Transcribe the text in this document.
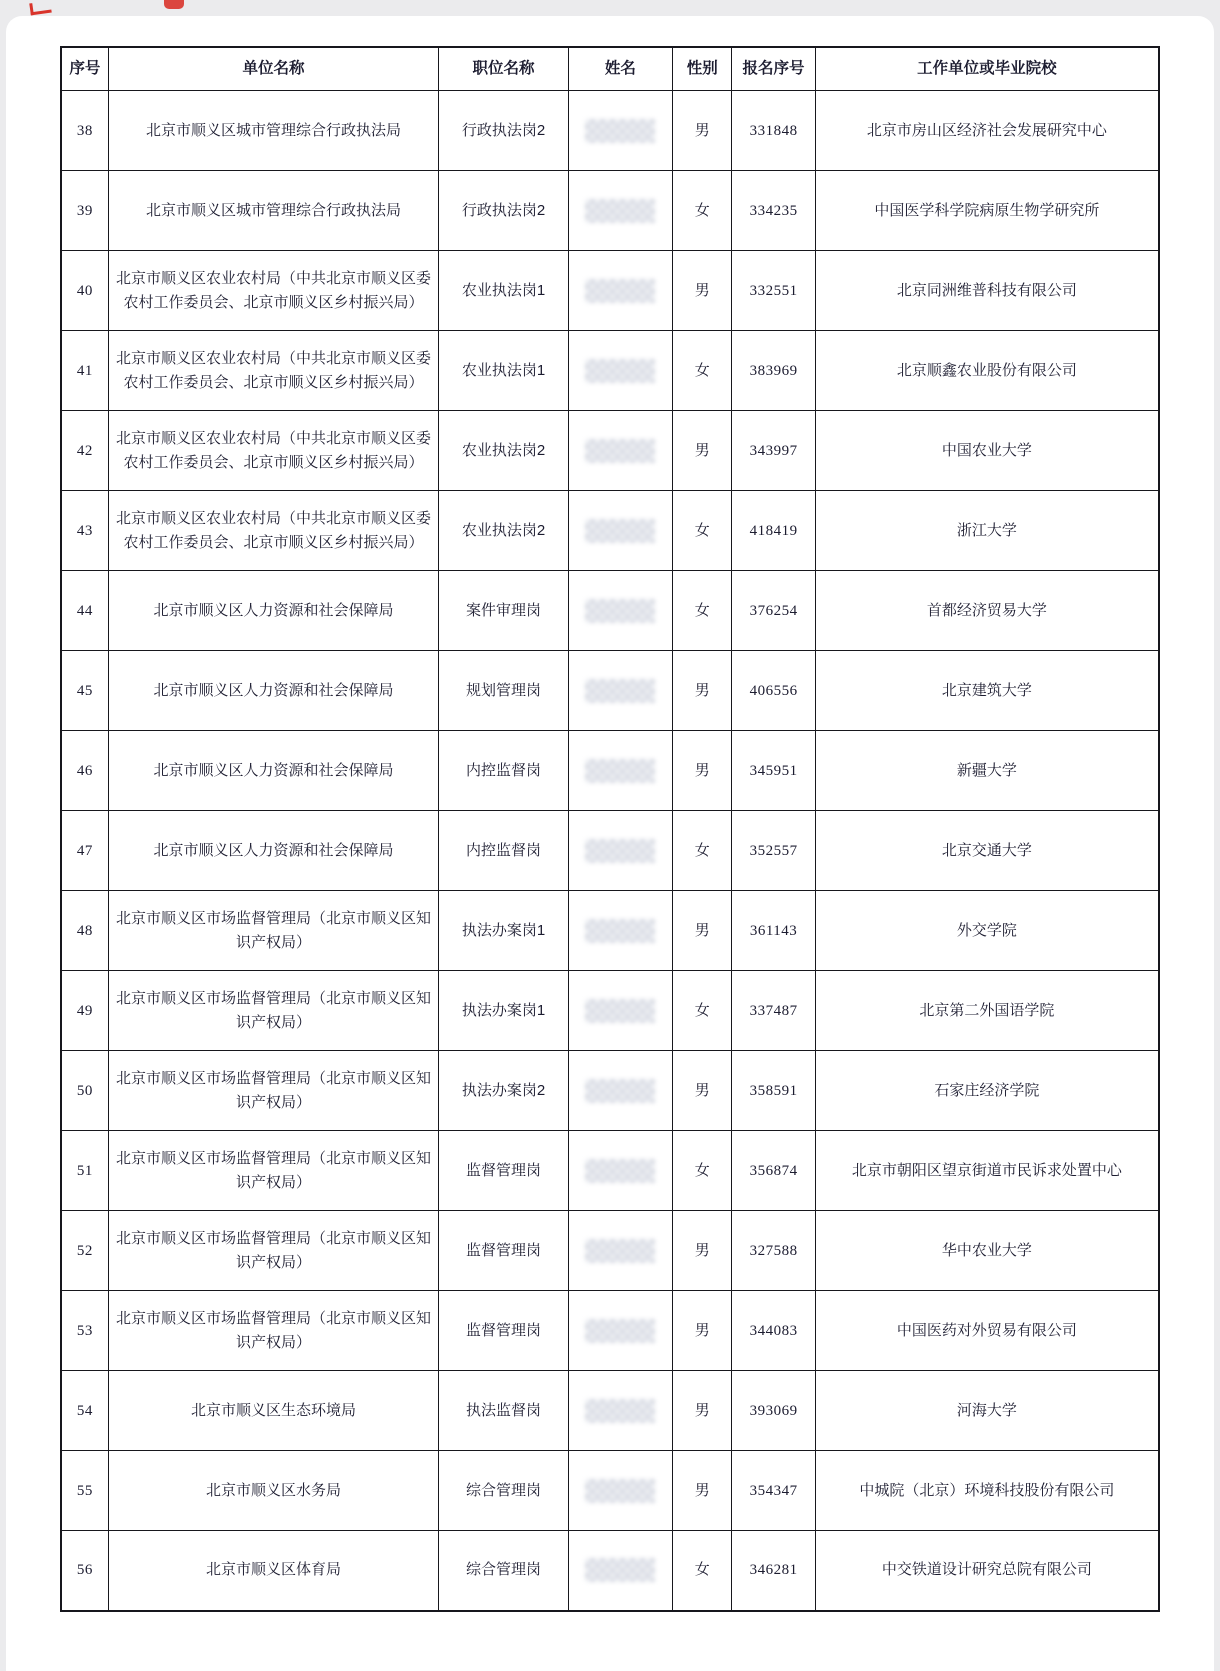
序号	单位名称	职位名称	姓名	性别	报名序号	工作单位或毕业院校
38	北京市顺义区城市管理综合行政执法局	行政执法岗2		男	331848	北京市房山区经济社会发展研究中心
39	北京市顺义区城市管理综合行政执法局	行政执法岗2		女	334235	中国医学科学院病原生物学研究所
40	北京市顺义区农业农村局（中共北京市顺义区委农村工作委员会、北京市顺义区乡村振兴局）	农业执法岗1		男	332551	北京同洲维普科技有限公司
41	北京市顺义区农业农村局（中共北京市顺义区委农村工作委员会、北京市顺义区乡村振兴局）	农业执法岗1		女	383969	北京顺鑫农业股份有限公司
42	北京市顺义区农业农村局（中共北京市顺义区委农村工作委员会、北京市顺义区乡村振兴局）	农业执法岗2		男	343997	中国农业大学
43	北京市顺义区农业农村局（中共北京市顺义区委农村工作委员会、北京市顺义区乡村振兴局）	农业执法岗2		女	418419	浙江大学
44	北京市顺义区人力资源和社会保障局	案件审理岗		女	376254	首都经济贸易大学
45	北京市顺义区人力资源和社会保障局	规划管理岗		男	406556	北京建筑大学
46	北京市顺义区人力资源和社会保障局	内控监督岗		男	345951	新疆大学
47	北京市顺义区人力资源和社会保障局	内控监督岗		女	352557	北京交通大学
48	北京市顺义区市场监督管理局（北京市顺义区知识产权局）	执法办案岗1		男	361143	外交学院
49	北京市顺义区市场监督管理局（北京市顺义区知识产权局）	执法办案岗1		女	337487	北京第二外国语学院
50	北京市顺义区市场监督管理局（北京市顺义区知识产权局）	执法办案岗2		男	358591	石家庄经济学院
51	北京市顺义区市场监督管理局（北京市顺义区知识产权局）	监督管理岗		女	356874	北京市朝阳区望京街道市民诉求处置中心
52	北京市顺义区市场监督管理局（北京市顺义区知识产权局）	监督管理岗		男	327588	华中农业大学
53	北京市顺义区市场监督管理局（北京市顺义区知识产权局）	监督管理岗		男	344083	中国医药对外贸易有限公司
54	北京市顺义区生态环境局	执法监督岗		男	393069	河海大学
55	北京市顺义区水务局	综合管理岗		男	354347	中城院（北京）环境科技股份有限公司
56	北京市顺义区体育局	综合管理岗		女	346281	中交铁道设计研究总院有限公司
